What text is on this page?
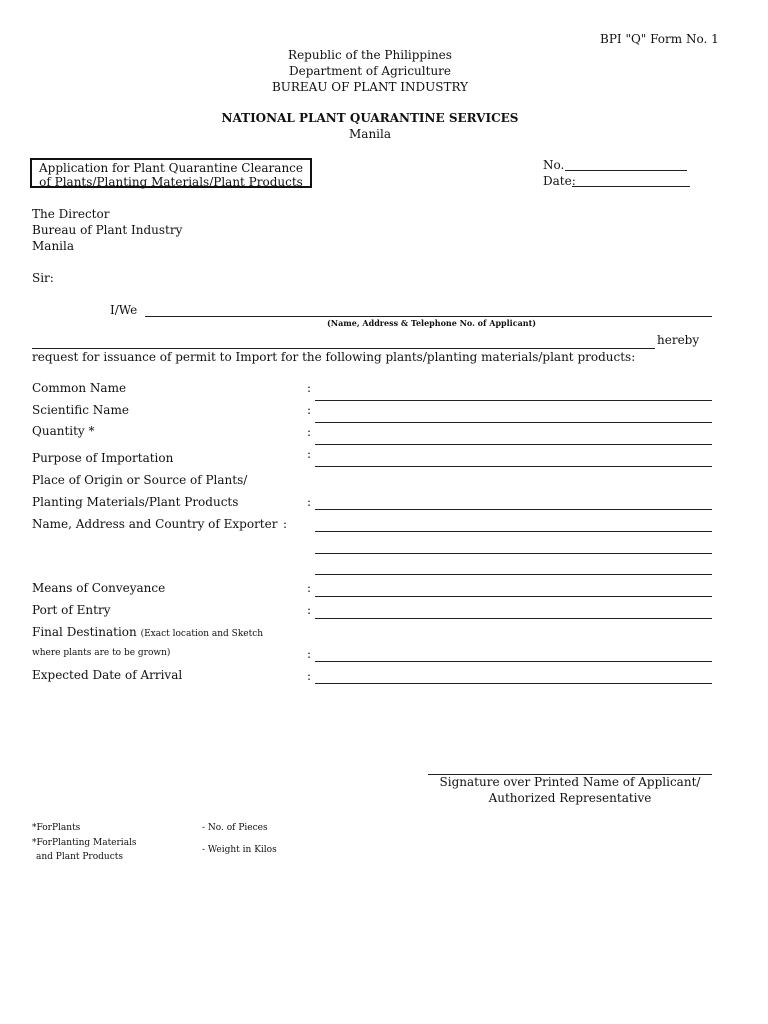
BPI "Q" Form No. 1
Republic of the Philippines
Department of Agriculture
BUREAU OF PLANT INDUSTRY
NATIONAL PLANT QUARANTINE SERVICES
Manila
Application for Plant Quarantine Clearance
of Plants/Planting Materials/Plant Products
No.
Date:
The Director
Bureau of Plant Industry
Manila
Sir:
I/We
(Name, Address & Telephone No. of Applicant)
hereby
request for issuance of permit to Import for the following plants/planting materials/plant products:
Common Name	:
Scientific Name	:
Quantity *	:
Purpose of Importation	:
Place of Origin or Source of Plants/
Planting Materials/Plant Products	:
Name, Address and Country of Exporter :
Means of Conveyance	:
Port of Entry	:
Final Destination (Exact location and Sketch
where plants are to be grown)	:
Expected Date of Arrival	:
Signature over Printed Name of Applicant/
Authorized Representative
*ForPlants	- No. of Pieces
*ForPlanting Materials
and Plant Products
- Weight in Kilos
